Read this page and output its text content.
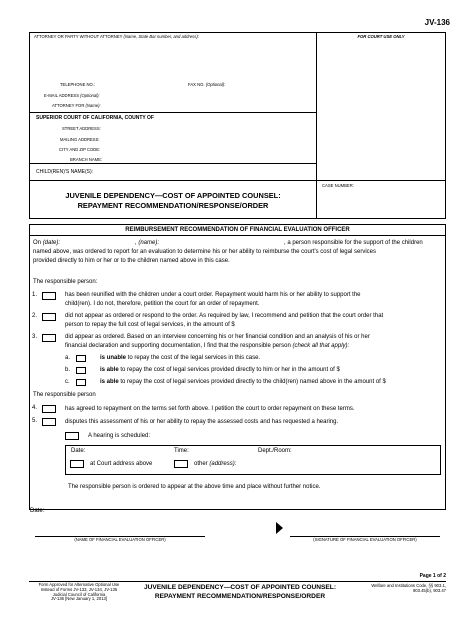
JV-136
ATTORNEY OR PARTY WITHOUT ATTORNEY (Name, State Bar number, and address):	FOR COURT USE ONLY
TELEPHONE NO.:	FAX NO. (Optional):
E-MAIL ADDRESS (Optional):
ATTORNEY FOR (Name):
SUPERIOR COURT OF CALIFORNIA, COUNTY OF
STREET ADDRESS:
MAILING ADDRESS:
CITY AND ZIP CODE:
BRANCH NAME:
CHILD(REN)'S NAME(S):
JUVENILE DEPENDENCY—COST OF APPOINTED COUNSEL:
REPAYMENT RECOMMENDATION/RESPONSE/ORDER
CASE NUMBER:
REIMBURSEMENT RECOMMENDATION OF FINANCIAL EVALUATION OFFICER
On (date):	, (name):	, a person responsible for the support of the children
named above, was ordered to report for an evaluation to determine his or her ability to reimburse the court's cost of legal services
provided directly to him or her or to the children named above in this case.
The responsible person:
1.	has been reunified with the children under a court order. Repayment would harm his or her ability to support the
child(ren). I do not, therefore, petition the court for an order of repayment.
2.	did not appear as ordered or respond to the order. As required by law, I recommend and petition that the court order that
person to repay the full cost of legal services, in the amount of $
3.	did appear as ordered. Based on an interview concerning his or her financial condition and an analysis of his or her
financial declaration and supporting documentation, I find that the responsible person (check all that apply):
a.	is unable to repay the cost of the legal services in this case.
b.	is able to repay the cost of legal services provided directly to him or her in the amount of $
c.	is able to repay the cost of legal services provided directly to the child(ren) named above in the amount of $
The responsible person
4.	has agreed to repayment on the terms set forth above. I petition the court to order repayment on these terms.
5.	disputes this assessment of his or her ability to repay the assessed costs and has requested a hearing.
A hearing is scheduled:
Date:	Time:	Dept./Room:
at Court address above	other (address):
The responsible person is ordered to appear at the above time and place without further notice.
Date:
(NAME OF FINANCIAL EVALUATION OFFICER)	(SIGNATURE OF FINANCIAL EVALUATION OFFICER)
Page 1 of 2
Form Approved for Alternative Optional Use
Instead of Forms JV-133, JV-134, JV-135
Judicial Council of California
JV-136 [New January 1, 2013]
JUVENILE DEPENDENCY—COST OF APPOINTED COUNSEL:
REPAYMENT RECOMMENDATION/RESPONSE/ORDER
Welfare and Institutions Code, §§ 903.1,
903.45(b), 903.47
